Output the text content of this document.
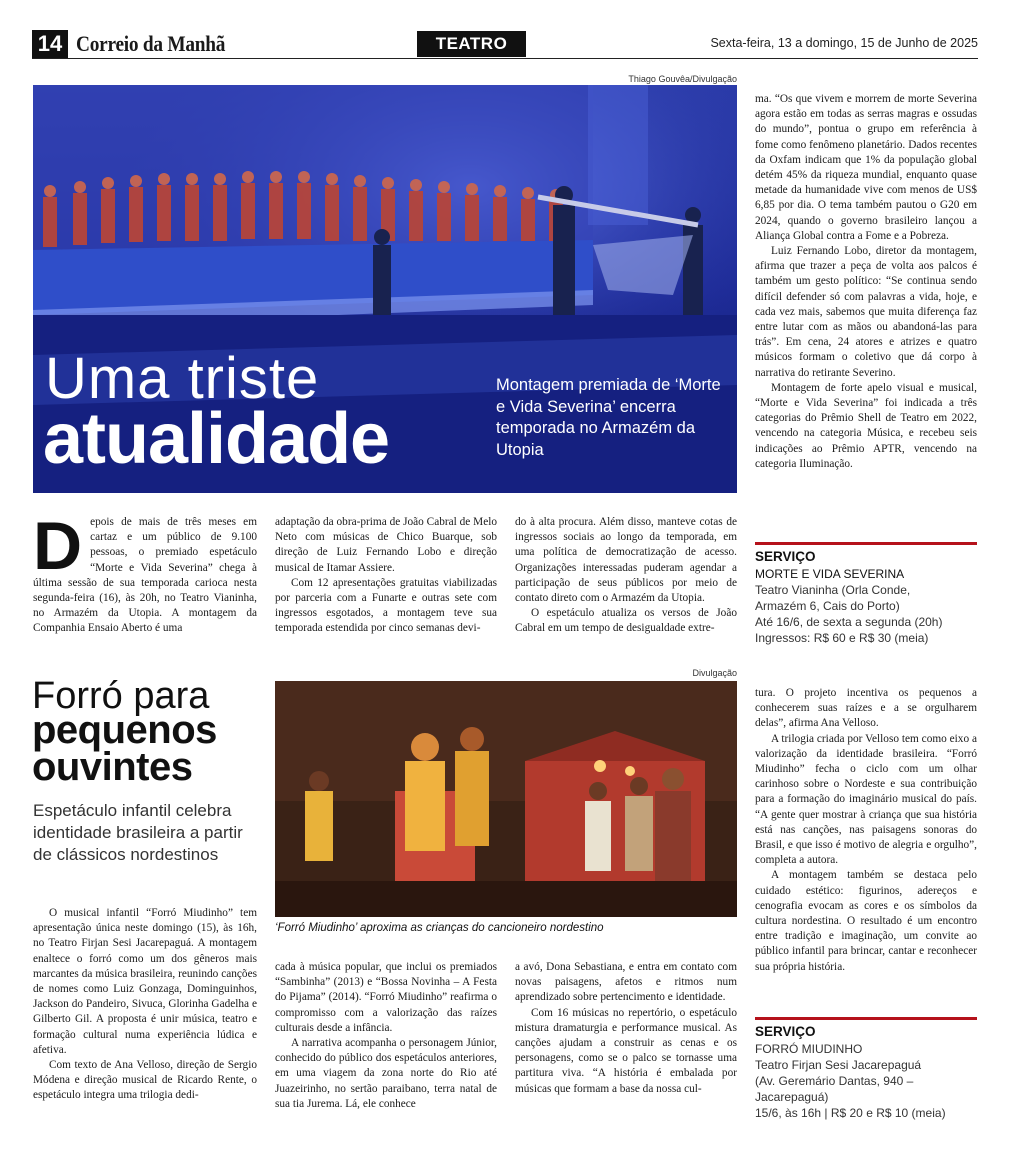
14 Correio da Manhã	TEATRO	Sexta-feira, 13 a domingo, 15 de Junho de 2025
Thiago Gouvêa/Divulgação
Uma triste
atualidade
Montagem premiada de ‘Morte e Vida Severina’ encerra temporada no Armazém da Utopia

Depois de mais de três meses em cartaz e um público de 9.100 pessoas, o premiado espetáculo “Morte e Vida Severina” chega à última sessão de sua temporada carioca nesta segunda-feira (16), às 20h, no Teatro Vianinha, no Armazém da Utopia. A montagem da Companhia Ensaio Aberto é uma

adaptação da obra-prima de João Cabral de Melo Neto com músicas de Chico Buarque, sob direção de Luiz Fernando Lobo e direção musical de Itamar Assiere.

Com 12 apresentações gratuitas viabilizadas por parceria com a Funarte e outras sete com ingressos esgotados, a montagem teve sua temporada estendida por cinco semanas devi-

do à alta procura. Além disso, manteve cotas de ingressos sociais ao longo da temporada, em uma política de democratização de acesso. Organizações interessadas puderam agendar a participação de seus públicos por meio de contato direto com o Armazém da Utopia.

O espetáculo atualiza os versos de João Cabral em um tempo de desigualdade extre-

ma. “Os que vivem e morrem de morte Severina agora estão em todas as serras magras e ossudas do mundo”, pontua o grupo em referência à fome como fenômeno planetário. Dados recentes da Oxfam indicam que 1% da população global detém 45% da riqueza mundial, enquanto quase metade da humanidade vive com menos de US$ 6,85 por dia. O tema também pautou o G20 em 2024, quando o governo brasileiro lançou a Aliança Global contra a Fome e a Pobreza.

Luiz Fernando Lobo, diretor da montagem, afirma que trazer a peça de volta aos palcos é também um gesto político: “Se continua sendo difícil defender só com palavras a vida, hoje, e cada vez mais, sabemos que muita diferença faz entre lutar com as mãos ou abandoná-las para trás”. Em cena, 24 atores e atrizes e quatro músicos formam o coletivo que dá corpo à narrativa do retirante Severino.

Montagem de forte apelo visual e musical, “Morte e Vida Severina” foi indicada a três categorias do Prêmio Shell de Teatro em 2022, vencendo na categoria Música, e recebeu seis indicações ao Prêmio APTR, vencendo na categoria Iluminação.

SERVIÇO
MORTE E VIDA SEVERINA
Teatro Vianinha (Orla Conde,
Armazém 6, Cais do Porto)
Até 16/6, de sexta a segunda (20h)
Ingressos: R$ 60 e R$ 30 (meia)
Forró para
pequenos
ouvintes
Espetáculo infantil celebra identidade brasileira a partir de clássicos nordestinos
Divulgação
‘Forró Miudinho’ aproxima as crianças do cancioneiro nordestino

O musical infantil “Forró Miudinho” tem apresentação única neste domingo (15), às 16h, no Teatro Firjan Sesi Jacarepaguá. A montagem enaltece o forró como um dos gêneros mais marcantes da música brasileira, reunindo canções de nomes como Luiz Gonzaga, Dominguinhos, Jackson do Pandeiro, Sivuca, Glorinha Gadelha e Gilberto Gil. A proposta é unir música, teatro e formação cultural numa experiência lúdica e afetiva.

Com texto de Ana Velloso, direção de Sergio Módena e direção musical de Ricardo Rente, o espetáculo integra uma trilogia dedi-

cada à música popular, que inclui os premiados “Sambinha” (2013) e “Bossa Novinha – A Festa do Pijama” (2014). “Forró Miudinho” reafirma o compromisso com a valorização das raízes culturais desde a infância.

A narrativa acompanha o personagem Júnior, conhecido do público dos espetáculos anteriores, em uma viagem da zona norte do Rio até Juazeirinho, no sertão paraibano, terra natal de sua tia Jurema. Lá, ele conhece

a avó, Dona Sebastiana, e entra em contato com novas paisagens, afetos e ritmos num aprendizado sobre pertencimento e identidade.

Com 16 músicas no repertório, o espetáculo mistura dramaturgia e performance musical. As canções ajudam a construir as cenas e os personagens, como se o palco se tornasse uma partitura viva. “A história é embalada por músicas que formam a base da nossa cul-

tura. O projeto incentiva os pequenos a conhecerem suas raízes e a se orgulharem delas”, afirma Ana Velloso.

A trilogia criada por Velloso tem como eixo a valorização da identidade brasileira. “Forró Miudinho” fecha o ciclo com um olhar carinhoso sobre o Nordeste e sua contribuição para a formação do imaginário musical do país. “A gente quer mostrar à criança que sua história está nas canções, nas paisagens sonoras do Brasil, e que isso é motivo de alegria e orgulho”, completa a autora.

A montagem também se destaca pelo cuidado estético: figurinos, adereços e cenografia evocam as cores e os símbolos da cultura nordestina. O resultado é um encontro entre tradição e imaginação, um convite ao público infantil para brincar, cantar e reconhecer sua própria história.

SERVIÇO
FORRÓ MIUDINHO
Teatro Firjan Sesi Jacarepaguá
(Av. Geremário Dantas, 940 –
Jacarepaguá)
15/6, às 16h | R$ 20 e R$ 10 (meia)
